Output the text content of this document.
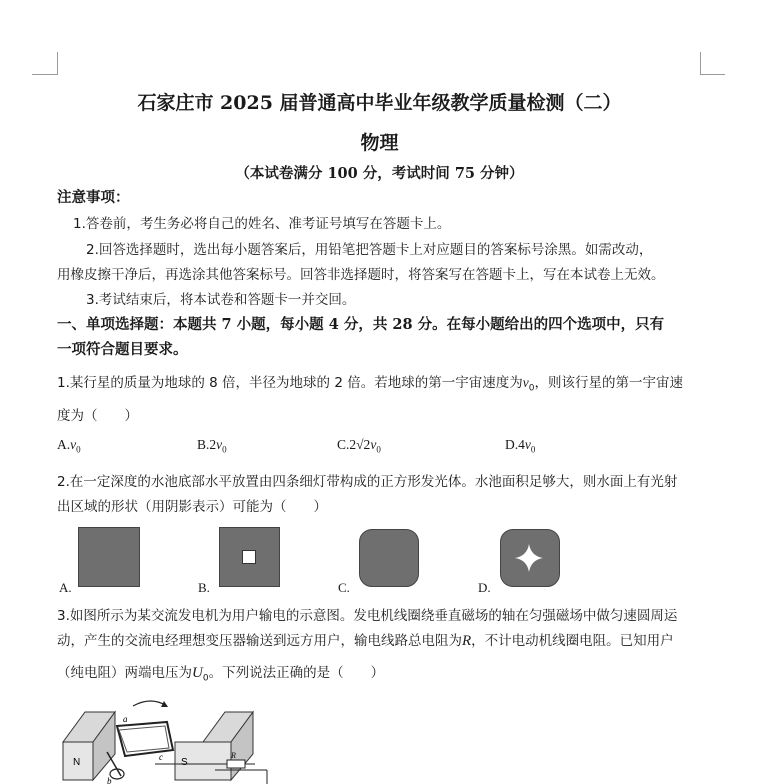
石家庄市 2025 届普通高中毕业年级教学质量检测（二）
物理
（本试卷满分 100 分，考试时间 75 分钟）
注意事项：
1.答卷前，考生务必将自己的姓名、准考证号填写在答题卡上。
2.回答选择题时，选出每小题答案后，用铅笔把答题卡上对应题目的答案标号涂黑。如需改动，
用橡皮擦干净后，再选涂其他答案标号。回答非选择题时，将答案写在答题卡上，写在本试卷上无效。
3.考试结束后，将本试卷和答题卡一并交回。
一、单项选择题：本题共 7 小题，每小题 4 分，共 28 分。在每小题给出的四个选项中，只有
一项符合题目要求。
1.某行星的质量为地球的 8 倍，半径为地球的 2 倍。若地球的第一宇宙速度为$v_0$，则该行星的第一宇宙速
度为（　　）
$A.v_0$	$B.2v_0$	$C.2√2v_0$	$D.4v_0$
2.在一定深度的水池底部水平放置由四条细灯带构成的正方形发光体。水池面积足够大，则水面上有光射
出区域的形状（用阴影表示）可能为（　　）
A.	B.	C.	D.
3.如图所示为某交流发电机为用户输电的示意图。发电机线圈绕垂直磁场的轴在匀强磁场中做匀速圆周运
动，产生的交流电经理想变压器输送到远方用户，输电线路总电阻为R，不计电动机线圈电阻。已知用户
（纯电阻）两端电压为$U_0$。下列说法正确的是（　　）
N	S
a
b
c	R
